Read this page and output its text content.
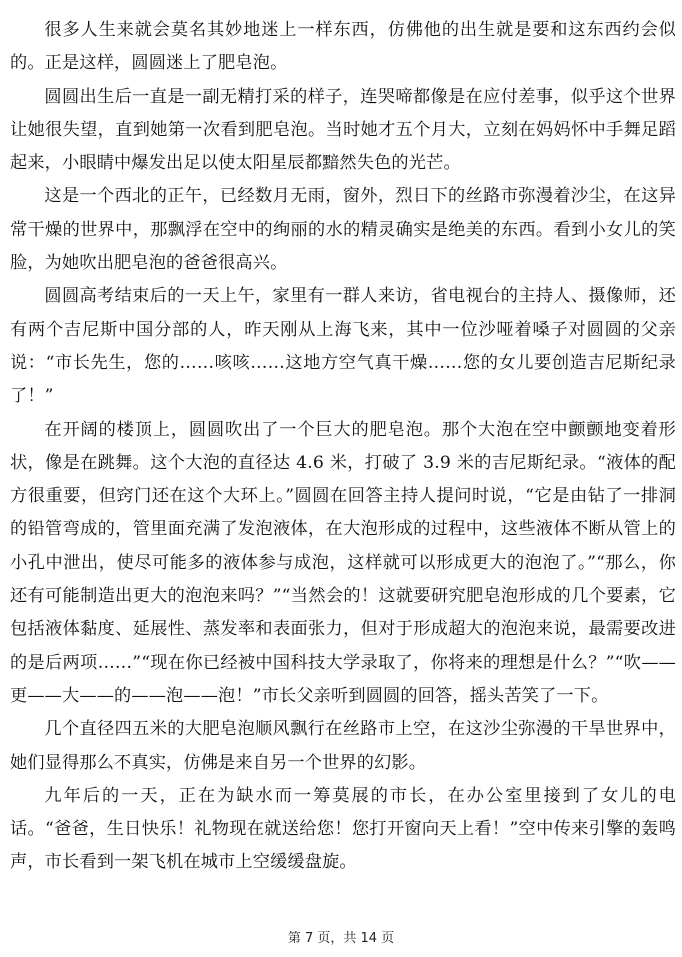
很多人生来就会莫名其妙地迷上一样东西，仿佛他的出生就是要和这东西约会似的。正是这样，圆圆迷上了肥皂泡。

圆圆出生后一直是一副无精打采的样子，连哭啼都像是在应付差事，似乎这个世界让她很失望，直到她第一次看到肥皂泡。当时她才五个月大，立刻在妈妈怀中手舞足蹈起来，小眼睛中爆发出足以使太阳星辰都黯然失色的光芒。

这是一个西北的正午，已经数月无雨，窗外，烈日下的丝路市弥漫着沙尘，在这异常干燥的世界中，那飘浮在空中的绚丽的水的精灵确实是绝美的东西。看到小女儿的笑脸，为她吹出肥皂泡的爸爸很高兴。

圆圆高考结束后的一天上午，家里有一群人来访，省电视台的主持人、摄像师，还有两个吉尼斯中国分部的人，昨天刚从上海飞来，其中一位沙哑着嗓子对圆圆的父亲说：“市长先生，您的……咳咳……这地方空气真干燥……您的女儿要创造吉尼斯纪录了！”

在开阔的楼顶上，圆圆吹出了一个巨大的肥皂泡。那个大泡在空中颤颤地变着形状，像是在跳舞。这个大泡的直径达 4.6 米，打破了 3.9 米的吉尼斯纪录。“液体的配方很重要，但窍门还在这个大环上。”圆圆在回答主持人提问时说，“它是由钻了一排洞的铅管弯成的，管里面充满了发泡液体，在大泡形成的过程中，这些液体不断从管上的小孔中泄出，使尽可能多的液体参与成泡，这样就可以形成更大的泡泡了。”“那么，你还有可能制造出更大的泡泡来吗？”“当然会的！这就要研究肥皂泡形成的几个要素，它包括液体黏度、延展性、蒸发率和表面张力，但对于形成超大的泡泡来说，最需要改进的是后两项……”“现在你已经被中国科技大学录取了，你将来的理想是什么？”“吹——更——大——的——泡——泡！”市长父亲听到圆圆的回答，摇头苦笑了一下。

几个直径四五米的大肥皂泡顺风飘行在丝路市上空，在这沙尘弥漫的干旱世界中，她们显得那么不真实，仿佛是来自另一个世界的幻影。

九年后的一天，正在为缺水而一筹莫展的市长，在办公室里接到了女儿的电话。“爸爸，生日快乐！礼物现在就送给您！您打开窗向天上看！”空中传来引擎的轰鸣声，市长看到一架飞机在城市上空缓缓盘旋。

第 7 页，共 14 页
